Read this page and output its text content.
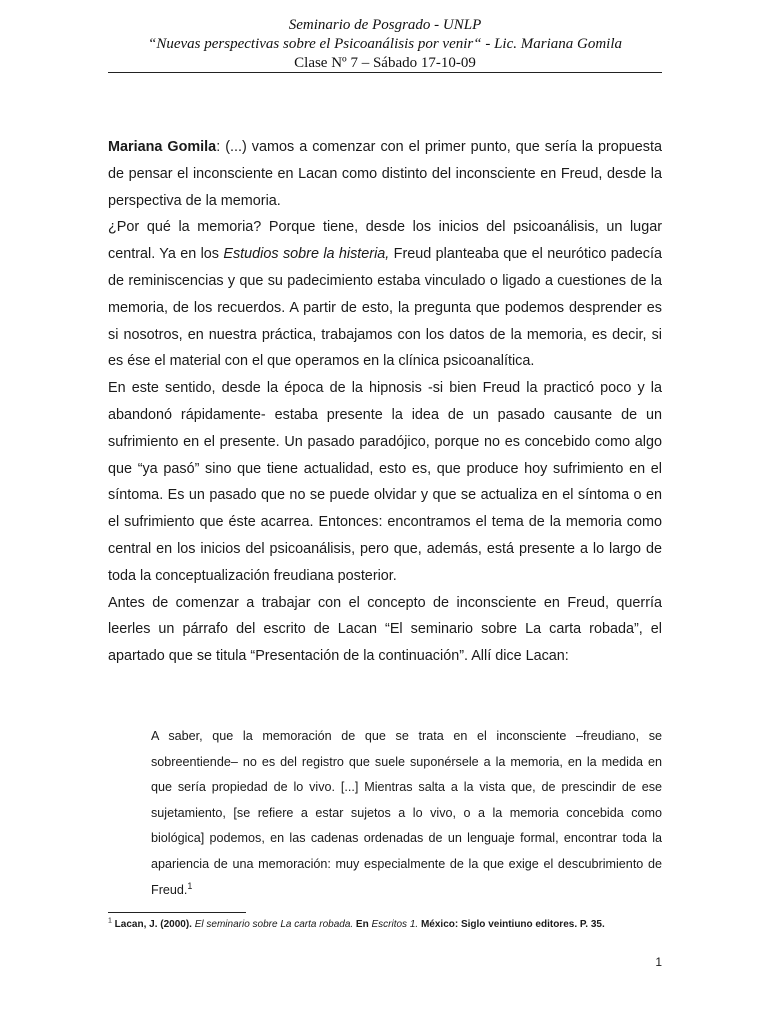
Seminario de Posgrado - UNLP
“Nuevas perspectivas sobre el Psicoanálisis por venir“ - Lic. Mariana Gomila
Clase Nº 7 – Sábado 17-10-09

Mariana Gomila: (...) vamos a comenzar con el primer punto, que sería la propuesta de pensar el inconsciente en Lacan como distinto del inconsciente en Freud, desde la perspectiva de la memoria.

¿Por qué la memoria? Porque tiene, desde los inicios del psicoanálisis, un lugar central. Ya en los Estudios sobre la histeria, Freud planteaba que el neurótico padecía de reminiscencias y que su padecimiento estaba vinculado o ligado a cuestiones de la memoria, de los recuerdos. A partir de esto, la pregunta que podemos desprender es si nosotros, en nuestra práctica, trabajamos con los datos de la memoria, es decir, si es ése el material con el que operamos en la clínica psicoanalítica.

En este sentido, desde la época de la hipnosis -si bien Freud la practicó poco y la abandonó rápidamente- estaba presente la idea de un pasado causante de un sufrimiento en el presente. Un pasado paradójico, porque no es concebido como algo que “ya pasó” sino que tiene actualidad, esto es, que produce hoy sufrimiento en el síntoma. Es un pasado que no se puede olvidar y que se actualiza en el síntoma o en el sufrimiento que éste acarrea. Entonces: encontramos el tema de la memoria como central en los inicios del psicoanálisis, pero que, además, está presente a lo largo de toda la conceptualización freudiana posterior.

Antes de comenzar a trabajar con el concepto de inconsciente en Freud, querría leerles un párrafo del escrito de Lacan “El seminario sobre La carta robada”, el apartado que se titula “Presentación de la continuación”. Allí dice Lacan:

A saber, que la memoración de que se trata en el inconsciente –freudiano, se sobreentiende– no es del registro que suele suponérsele a la memoria, en la medida en que sería propiedad de lo vivo. [...] Mientras salta a la vista que, de prescindir de ese sujetamiento, [se refiere a estar sujetos a lo vivo, o a la memoria concebida como biológica] podemos, en las cadenas ordenadas de un lenguaje formal, encontrar toda la apariencia de una memoración: muy especialmente de la que exige el descubrimiento de Freud.$^1$

$^1$ Lacan, J. (2000). El seminario sobre La carta robada. En Escritos 1. México: Siglo veintiuno editores. P. 35.
1
